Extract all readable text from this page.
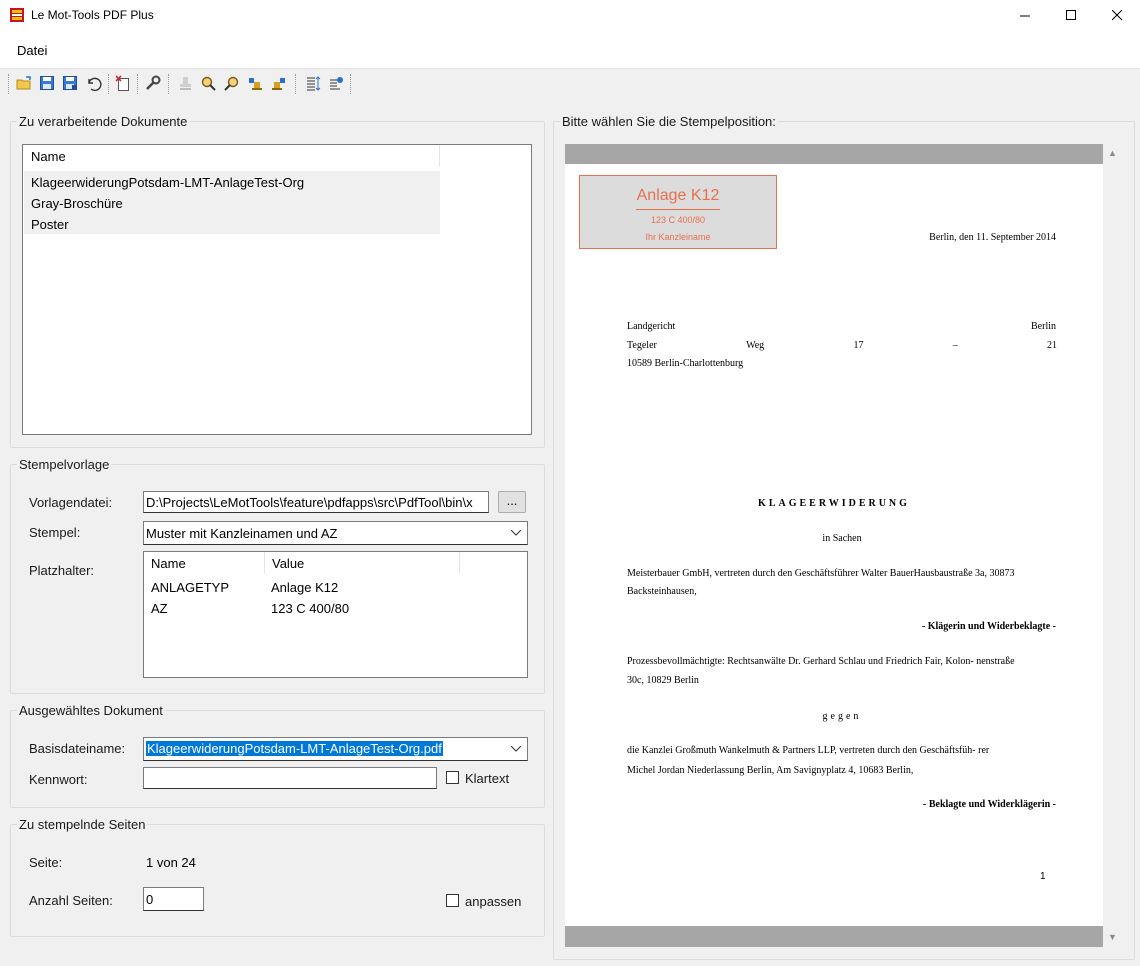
Le Mot-Tools PDF Plus
Datei
Zu verarbeitende Dokumente
Name
KlageerwiderungPotsdam-LMT-AnlageTest-Org
Gray-Broschüre
Poster
Stempelvorlage
Vorlagendatei:	D:\Projects\LeMotTools\feature\pdfapps\src\PdfTool\bin\x	...
Stempel:	Muster mit Kanzleinamen und AZ
Platzhalter:	Name	Value
ANLAGETYP	Anlage K12
AZ	123 C 400/80
Ausgewähltes Dokument
Basisdateiname:	KlageerwiderungPotsdam-LMT-AnlageTest-Org.pdf
Kennwort:	Klartext
Zu stempelnde Seiten
Seite:	1 von 24
Anzahl Seiten:	0	anpassen
Bitte wählen Sie die Stempelposition:
Anlage K12
123 C 400/80
Ihr Kanzleiname	Berlin, den 11. September 2014
Landgericht	Berlin
Tegeler	Weg	17	–	21
10589 Berlin-Charlottenburg
KLAGEERWIDERUNG
in Sachen
Meisterbauer GmbH, vertreten durch den Geschäftsführer Walter BauerHausbaustraße 3a, 30873
Backsteinhausen,
- Klägerin und Widerbeklagte -
Prozessbevollmächtigte: Rechtsanwälte Dr. Gerhard Schlau und Friedrich Fair, Kolon- nenstraße
30c, 10829 Berlin
gegen
die Kanzlei Großmuth Wankelmuth & Partners LLP, vertreten durch den Geschäftsfüh- rer
Michel Jordan Niederlassung Berlin, Am Savignyplatz 4, 10683 Berlin,
- Beklagte und Widerklägerin -
1
▲
▼
